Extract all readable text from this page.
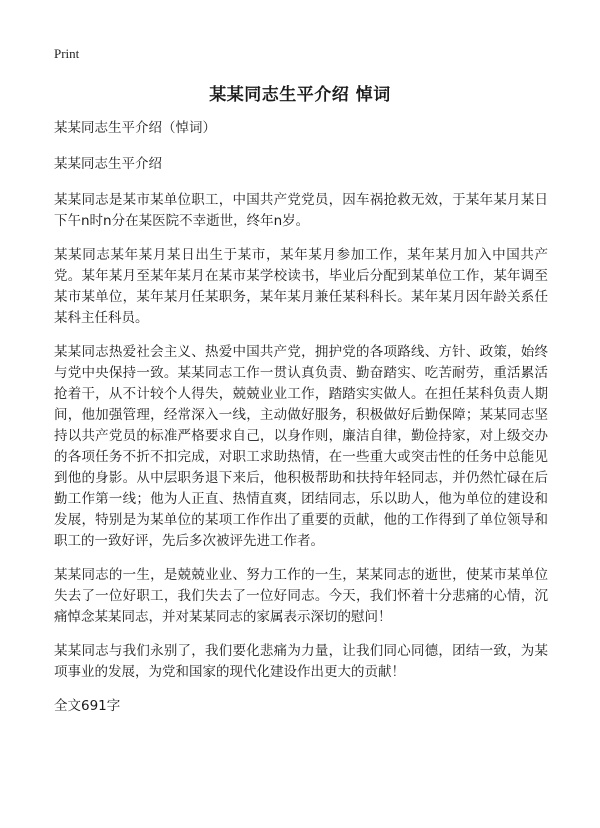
Print
某某同志生平介绍 悼词

某某同志生平介绍（悼词）

某某同志生平介绍

某某同志是某市某单位职工，中国共产党党员，因车祸抢救无效，于某年某月某日下午n时n分在某医院不幸逝世，终年n岁。

某某同志某年某月某日出生于某市，某年某月参加工作，某年某月加入中国共产党。某年某月至某年某月在某市某学校读书，毕业后分配到某单位工作，某年调至某市某单位，某年某月任某职务，某年某月兼任某科科长。某年某月因年龄关系任某科主任科员。

某某同志热爱社会主义、热爱中国共产党，拥护党的各项路线、方针、政策，始终与党中央保持一致。某某同志工作一贯认真负责、勤奋踏实、吃苦耐劳，重活累活抢着干，从不计较个人得失，兢兢业业工作，踏踏实实做人。在担任某科负责人期间，他加强管理，经常深入一线，主动做好服务，积极做好后勤保障；某某同志坚持以共产党员的标准严格要求自己，以身作则，廉洁自律，勤俭持家，对上级交办的各项任务不折不扣完成，对职工求助热情，在一些重大或突击性的任务中总能见到他的身影。从中层职务退下来后，他积极帮助和扶持年轻同志，并仍然忙碌在后勤工作第一线；他为人正直、热情直爽，团结同志，乐以助人，他为单位的建设和发展，特别是为某单位的某项工作作出了重要的贡献，他的工作得到了单位领导和职工的一致好评，先后多次被评先进工作者。

某某同志的一生，是兢兢业业、努力工作的一生，某某同志的逝世，使某市某单位失去了一位好职工，我们失去了一位好同志。今天，我们怀着十分悲痛的心情，沉痛悼念某某同志，并对某某同志的家属表示深切的慰问！

某某同志与我们永别了，我们要化悲痛为力量，让我们同心同德，团结一致，为某项事业的发展，为党和国家的现代化建设作出更大的贡献！

全文691字
